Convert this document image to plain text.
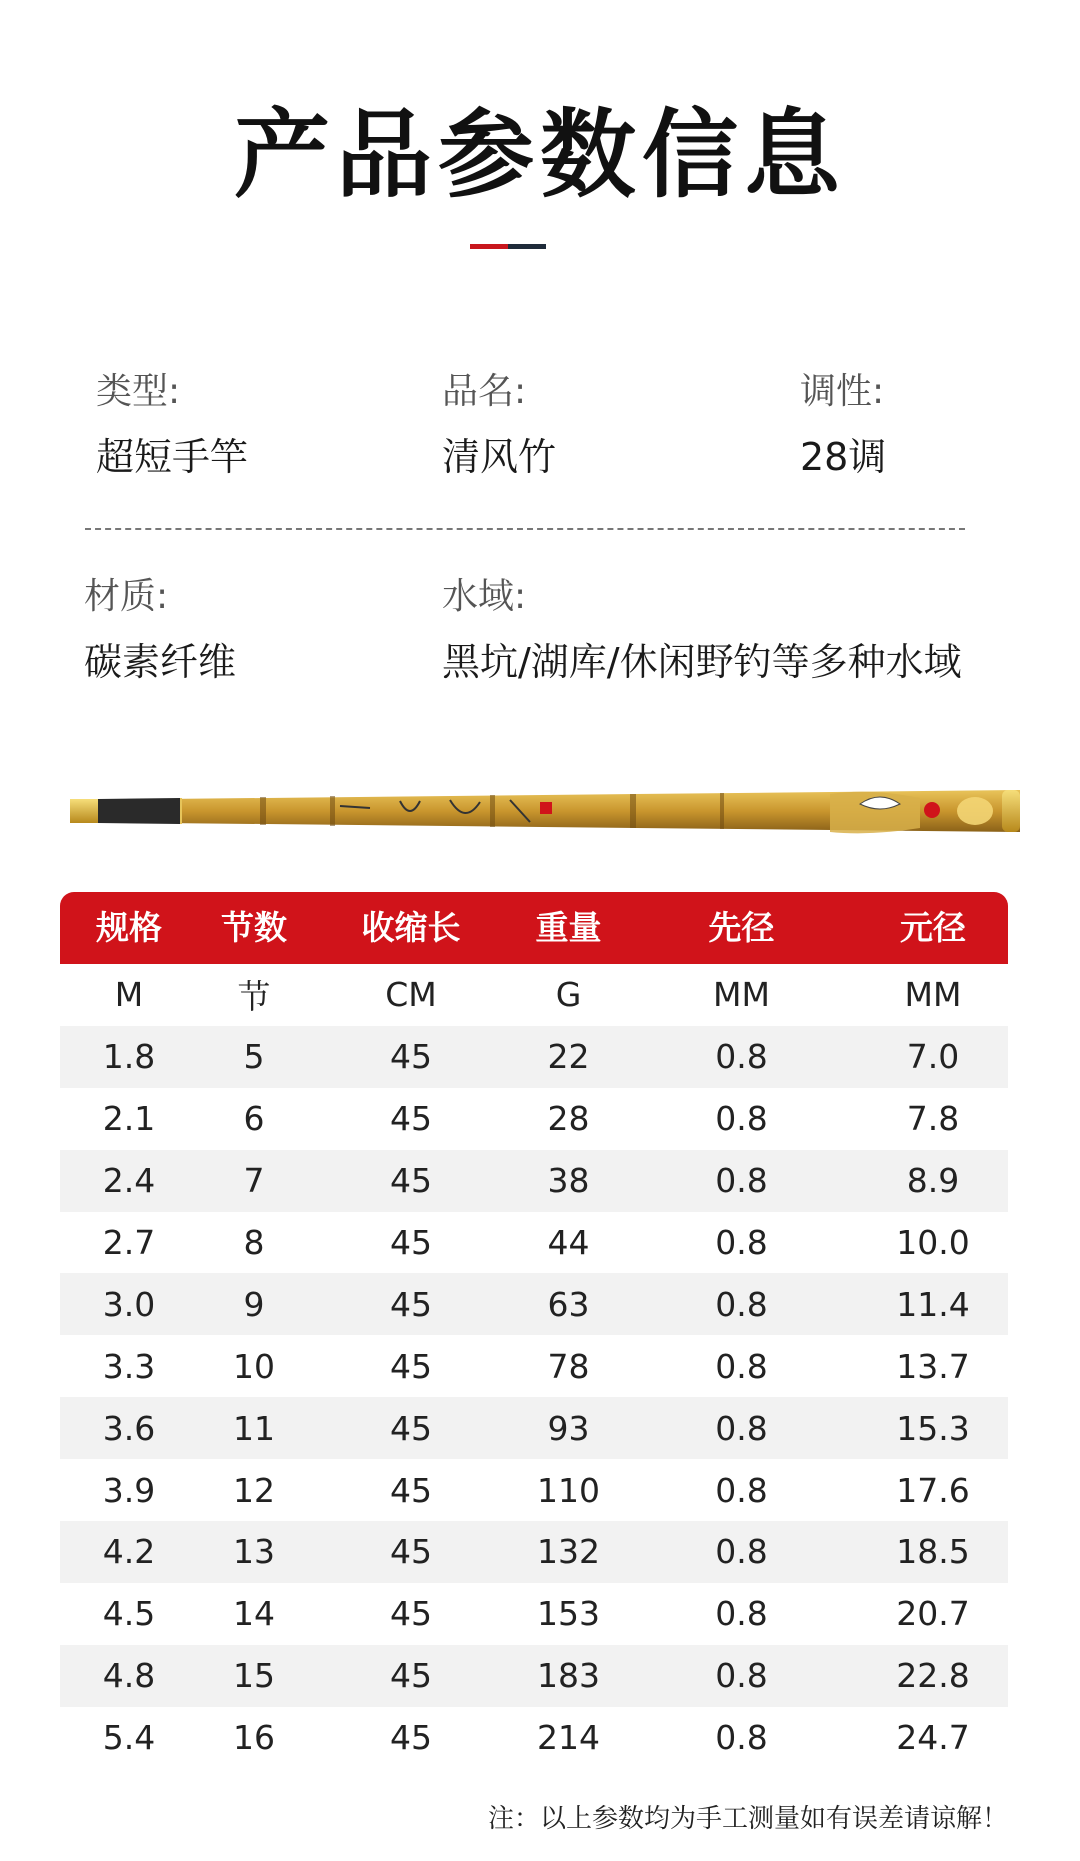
产品参数信息
类型:
超短手竿
品名:
清风竹
调性:
28调
材质:
碳素纤维
水域:
黑坑/湖库/休闲野钓等多种水域
规格	节数	收缩长	重量	先径	元径
M	节	CM	G	MM	MM
1.8	5	45	22	0.8	7.0
2.1	6	45	28	0.8	7.8
2.4	7	45	38	0.8	8.9
2.7	8	45	44	0.8	10.0
3.0	9	45	63	0.8	11.4
3.3	10	45	78	0.8	13.7
3.6	11	45	93	0.8	15.3
3.9	12	45	110	0.8	17.6
4.2	13	45	132	0.8	18.5
4.5	14	45	153	0.8	20.7
4.8	15	45	183	0.8	22.8
5.4	16	45	214	0.8	24.7
注：以上参数均为手工测量如有误差请谅解！
